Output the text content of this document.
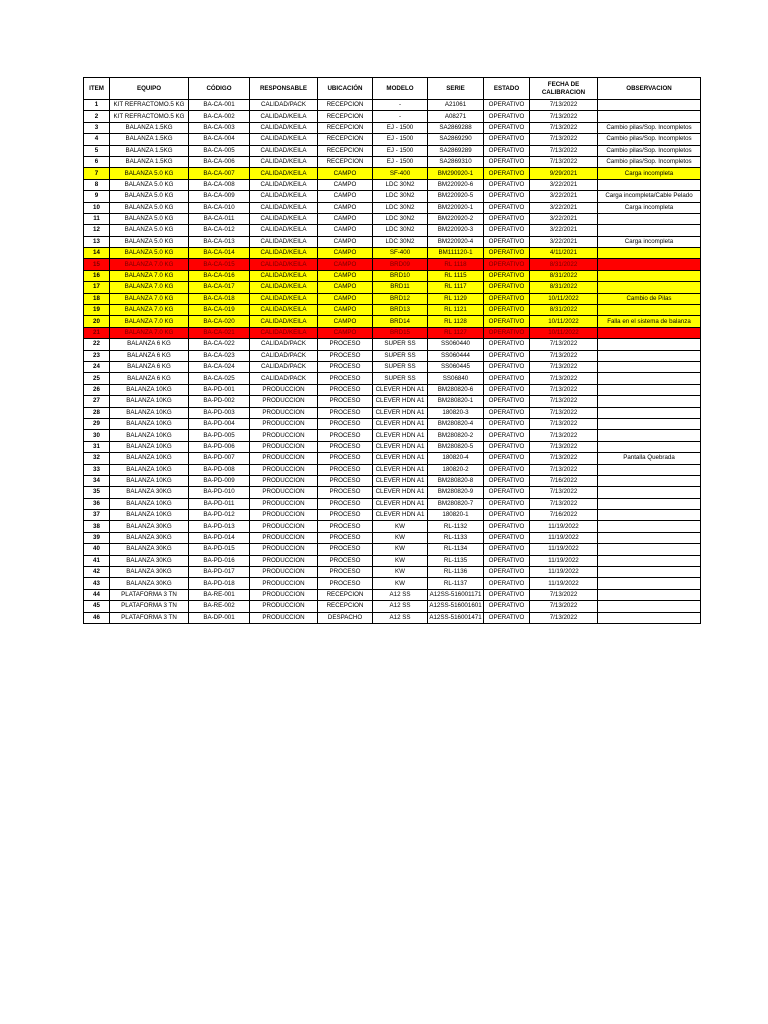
ITEM	EQUIPO	CÓDIGO	RESPONSABLE	UBICACIÓN	MODELO	SERIE	ESTADO	FECHA DE CALIBRACION	OBSERVACION
1	KIT REFRACTOMO.5 KG	BA-CA-001	CALIDAD/PACK	RECEPCION	-	A21061	OPERATIVO	7/13/2022	
2	KIT REFRACTOMO.5 KG	BA-CA-002	CALIDAD/KEILA	RECEPCION	-	A08271	OPERATIVO	7/13/2022	
3	BALANZA 1.5KG	BA-CA-003	CALIDAD/KEILA	RECEPCION	EJ - 1500	SA2869288	OPERATIVO	7/13/2022	Cambio pilas/Sop. Incompletos
4	BALANZA 1.5KG	BA-CA-004	CALIDAD/KEILA	RECEPCION	EJ - 1500	SA2869290	OPERATIVO	7/13/2022	Cambio pilas/Sop. Incompletos
5	BALANZA 1.5KG	BA-CA-005	CALIDAD/KEILA	RECEPCION	EJ - 1500	SA2869289	OPERATIVO	7/13/2022	Cambio pilas/Sop. Incompletos
6	BALANZA 1.5KG	BA-CA-006	CALIDAD/KEILA	RECEPCION	EJ - 1500	SA2869310	OPERATIVO	7/13/2022	Cambio pilas/Sop. Incompletos
7	BALANZA 5.0 KG	BA-CA-007	CALIDAD/KEILA	CAMPO	SF-400	BM290920-1	OPERATIVO	9/29/2021	Carga incompleta
8	BALANZA 5.0 KG	BA-CA-008	CALIDAD/KEILA	CAMPO	LDC 30N2	BM220920-6	OPERATIVO	3/22/2021	
9	BALANZA 5.0 KG	BA-CA-009	CALIDAD/KEILA	CAMPO	LDC 30N2	BM220920-5	OPERATIVO	3/22/2021	Carga incompleta/Cable Pelado
10	BALANZA 5.0 KG	BA-CA-010	CALIDAD/KEILA	CAMPO	LDC 30N2	BM220920-1	OPERATIVO	3/22/2021	Carga incompleta
11	BALANZA 5.0 KG	BA-CA-011	CALIDAD/KEILA	CAMPO	LDC 30N2	BM220920-2	OPERATIVO	3/22/2021	
12	BALANZA 5.0 KG	BA-CA-012	CALIDAD/KEILA	CAMPO	LDC 30N2	BM220920-3	OPERATIVO	3/22/2021	
13	BALANZA 5.0 KG	BA-CA-013	CALIDAD/KEILA	CAMPO	LDC 30N2	BM220920-4	OPERATIVO	3/22/2021	Carga incompleta
14	BALANZA 5.0 KG	BA-CA-014	CALIDAD/KEILA	CAMPO	SF-400	BM111120-1	OPERATIVO	4/11/2021	
15	BALANZA 7.0 KG	BA-CA-015	CALIDAD/KEILA	CAMPO	BRD09	RL 1118	OPERATIVO	8/31/2022	
16	BALANZA 7.0 KG	BA-CA-016	CALIDAD/KEILA	CAMPO	BRD10	RL 1115	OPERATIVO	8/31/2022	
17	BALANZA 7.0 KG	BA-CA-017	CALIDAD/KEILA	CAMPO	BRD11	RL 1117	OPERATIVO	8/31/2022	
18	BALANZA 7.0 KG	BA-CA-018	CALIDAD/KEILA	CAMPO	BRD12	RL 1129	OPERATIVO	10/11/2022	Cambio de Pilas
19	BALANZA 7.0 KG	BA-CA-019	CALIDAD/KEILA	CAMPO	BRD13	RL 1121	OPERATIVO	8/31/2022	
20	BALANZA 7.0 KG	BA-CA-020	CALIDAD/KEILA	CAMPO	BRD14	RL 1128	OPERATIVO	10/11/2022	Falla en el sistema de balanza
21	BALANZA 7.0 KG	BA-CA-021	CALIDAD/KEILA	CAMPO	BRD15	RL 1127	OPERATIVO	10/11/2022	
22	BALANZA 6 KG	BA-CA-022	CALIDAD/PACK	PROCESO	SUPER SS	SS060440	OPERATIVO	7/13/2022	
23	BALANZA 6 KG	BA-CA-023	CALIDAD/PACK	PROCESO	SUPER SS	SS060444	OPERATIVO	7/13/2022	
24	BALANZA 6 KG	BA-CA-024	CALIDAD/PACK	PROCESO	SUPER SS	SS060445	OPERATIVO	7/13/2022	
25	BALANZA 6 KG	BA-CA-025	CALIDAD/PACK	PROCESO	SUPER SS	SS06840	OPERATIVO	7/13/2022	
26	BALANZA 10KG	BA-PD-001	PRODUCCION	PROCESO	CLEVER HDN A1	BM280820-6	OPERATIVO	7/13/2022	
27	BALANZA 10KG	BA-PD-002	PRODUCCION	PROCESO	CLEVER HDN A1	BM280820-1	OPERATIVO	7/13/2022	
28	BALANZA 10KG	BA-PD-003	PRODUCCION	PROCESO	CLEVER HDN A1	180820-3	OPERATIVO	7/13/2022	
29	BALANZA 10KG	BA-PD-004	PRODUCCION	PROCESO	CLEVER HDN A1	BM280820-4	OPERATIVO	7/13/2022	
30	BALANZA 10KG	BA-PD-005	PRODUCCION	PROCESO	CLEVER HDN A1	BM280820-2	OPERATIVO	7/13/2022	
31	BALANZA 10KG	BA-PD-006	PRODUCCION	PROCESO	CLEVER HDN A1	BM280820-5	OPERATIVO	7/13/2022	
32	BALANZA 10KG	BA-PD-007	PRODUCCION	PROCESO	CLEVER HDN A1	180820-4	OPERATIVO	7/13/2022	Pantalla Quebrada
33	BALANZA 10KG	BA-PD-008	PRODUCCION	PROCESO	CLEVER HDN A1	180820-2	OPERATIVO	7/13/2022	
34	BALANZA 10KG	BA-PD-009	PRODUCCION	PROCESO	CLEVER HDN A1	BM280820-8	OPERATIVO	7/16/2022	
35	BALANZA 30KG	BA-PD-010	PRODUCCION	PROCESO	CLEVER HDN A1	BM280820-9	OPERATIVO	7/13/2022	
36	BALANZA 10KG	BA-PD-011	PRODUCCION	PROCESO	CLEVER HDN A1	BM280820-7	OPERATIVO	7/13/2022	
37	BALANZA 10KG	BA-PD-012	PRODUCCION	PROCESO	CLEVER HDN A1	180820-1	OPERATIVO	7/16/2022	
38	BALANZA 30KG	BA-PD-013	PRODUCCION	PROCESO	KW	RL-1132	OPERATIVO	11/19/2022	
39	BALANZA 30KG	BA-PD-014	PRODUCCION	PROCESO	KW	RL-1133	OPERATIVO	11/19/2022	
40	BALANZA 30KG	BA-PD-015	PRODUCCION	PROCESO	KW	RL-1134	OPERATIVO	11/19/2022	
41	BALANZA 30KG	BA-PD-016	PRODUCCION	PROCESO	KW	RL-1135	OPERATIVO	11/19/2022	
42	BALANZA 30KG	BA-PD-017	PRODUCCION	PROCESO	KW	RL-1136	OPERATIVO	11/19/2022	
43	BALANZA 30KG	BA-PD-018	PRODUCCION	PROCESO	KW	RL-1137	OPERATIVO	11/19/2022	
44	PLATAFORMA 3 TN	BA-RE-001	PRODUCCION	RECEPCION	A12 SS	A12SS-516001171	OPERATIVO	7/13/2022	
45	PLATAFORMA 3 TN	BA-RE-002	PRODUCCION	RECEPCION	A12 SS	A12SS-516001601	OPERATIVO	7/13/2022	
46	PLATAFORMA 3 TN	BA-DP-001	PRODUCCION	DESPACHO	A12 SS	A12SS-516001471	OPERATIVO	7/13/2022	
